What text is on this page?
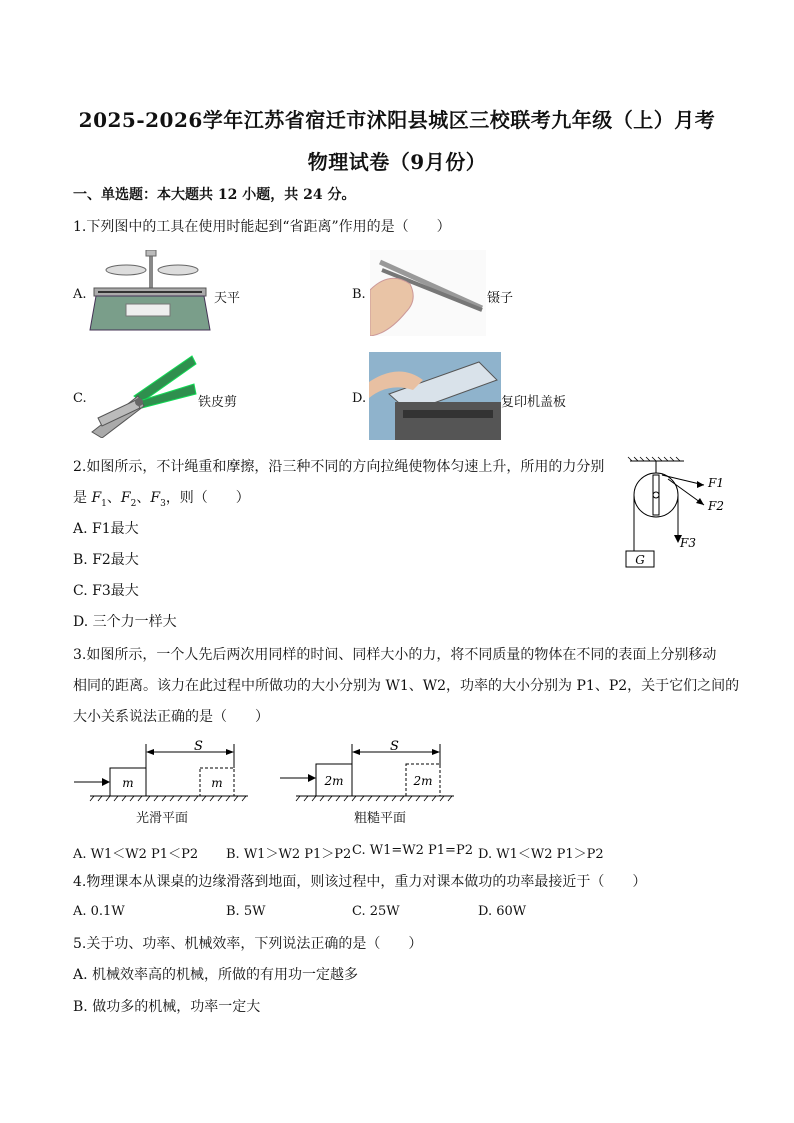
2025-2026学年江苏省宿迁市沭阳县城区三校联考九年级（上）月考
物理试卷（9月份）
一、单选题：本大题共 12 小题，共 24 分。
1.下列图中的工具在使用时能起到“省距离”作用的是（　　）
A.	天平	B.	镊子
C.	铁皮剪	D.	复印机盖板
2.如图所示，不计绳重和摩擦，沿三种不同的方向拉绳使物体匀速上升，所用的力分别
是 $F_1$、$F_2$、$F_3$，则（　　）
A. F1最大
B. F2最大
C. F3最大
D. 三个力一样大
G
F1
F2
F3
3.如图所示，一个人先后两次用同样的时间、同样大小的力，将不同质量的物体在不同的表面上分别移动
相同的距离。该力在此过程中所做功的大小分别为 W1、W2，功率的大小分别为 P1、P2，关于它们之间的
大小关系说法正确的是（　　）
S
m	m
光滑平面
S
2m	2m
粗糙平面
A. W1＜W2 P1＜P2 B. W1＞W2 P1＞P2 C. W1=W2 P1=P2 D. W1＜W2 P1＞P2
4.物理课本从课桌的边缘滑落到地面，则该过程中，重力对课本做功的功率最接近于（　　）
A. 0.1W	B. 5W	C. 25W	D. 60W
5.关于功、功率、机械效率，下列说法正确的是（　　）
A. 机械效率高的机械，所做的有用功一定越多
B. 做功多的机械，功率一定大
